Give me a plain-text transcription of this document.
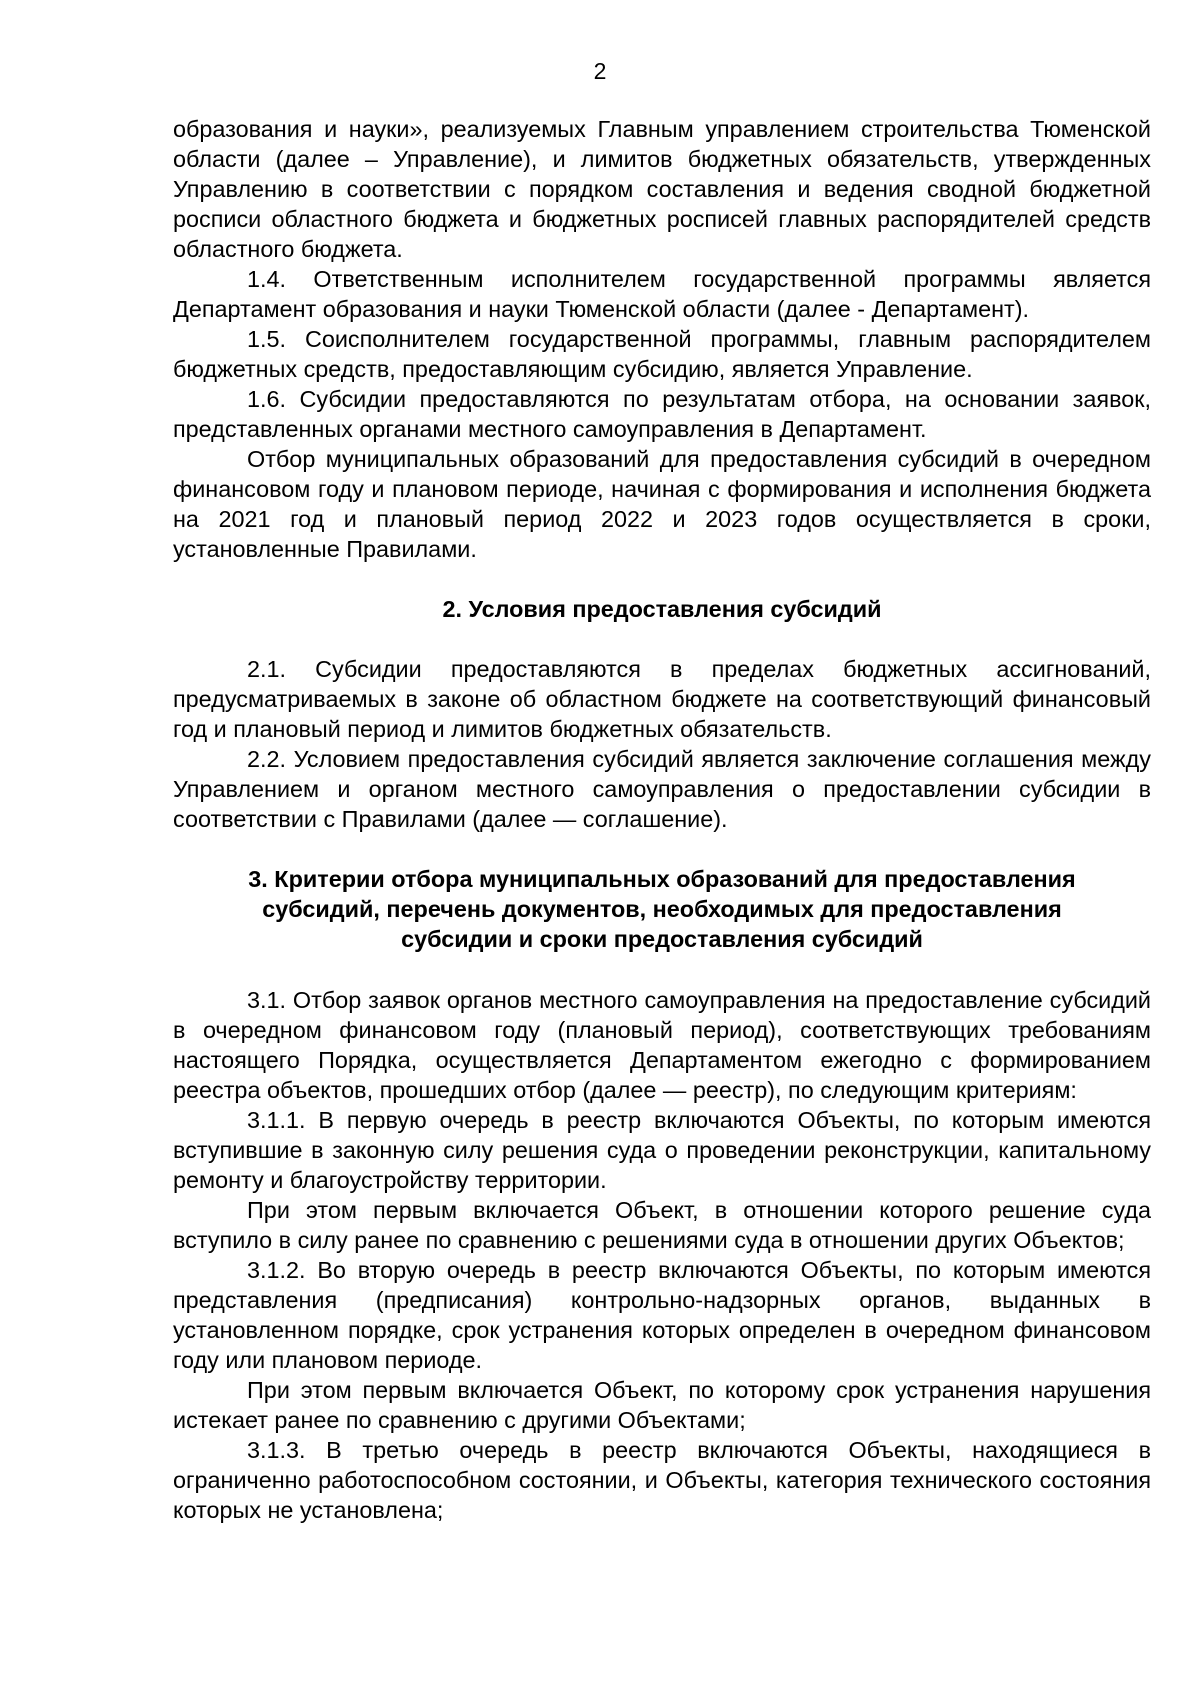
2

образования и науки», реализуемых Главным управлением строительства Тюменской области (далее – Управление), и лимитов бюджетных обязательств, утвержденных Управлению в соответствии с порядком составления и ведения сводной бюджетной росписи областного бюджета и бюджетных росписей главных распорядителей средств областного бюджета.

1.4. Ответственным исполнителем государственной программы является Департамент образования и науки Тюменской области (далее - Департамент).

1.5. Соисполнителем государственной программы, главным распорядителем бюджетных средств, предоставляющим субсидию, является Управление.

1.6. Субсидии предоставляются по результатам отбора, на основании заявок, представленных органами местного самоуправления в Департамент.

Отбор муниципальных образований для предоставления субсидий в очередном финансовом году и плановом периоде, начиная с формирования и исполнения бюджета на 2021 год и плановый период 2022 и 2023 годов осуществляется в сроки, установленные Правилами.

2. Условия предоставления субсидий

2.1. Субсидии предоставляются в пределах бюджетных ассигнований, предусматриваемых в законе об областном бюджете на соответствующий финансовый год и плановый период и лимитов бюджетных обязательств.

2.2. Условием предоставления субсидий является заключение соглашения между Управлением и органом местного самоуправления о предоставлении субсидии в соответствии с Правилами (далее — соглашение).

3. Критерии отбора муниципальных образований для предоставления
субсидий, перечень документов, необходимых для предоставления
субсидии и сроки предоставления субсидий

3.1. Отбор заявок органов местного самоуправления на предоставление субсидий в очередном финансовом году (плановый период), соответствующих требованиям настоящего Порядка, осуществляется Департаментом ежегодно с формированием реестра объектов, прошедших отбор (далее — реестр), по следующим критериям:

3.1.1. В первую очередь в реестр включаются Объекты, по которым имеются вступившие в законную силу решения суда о проведении реконструкции, капитальному ремонту и благоустройству территории.

При этом первым включается Объект, в отношении которого решение суда вступило в силу ранее по сравнению с решениями суда в отношении других Объектов;

3.1.2. Во вторую очередь в реестр включаются Объекты, по которым имеются представления (предписания) контрольно-надзорных органов, выданных в установленном порядке, срок устранения которых определен в очередном финансовом году или плановом периоде.

При этом первым включается Объект, по которому срок устранения нарушения истекает ранее по сравнению с другими Объектами;

3.1.3. В третью очередь в реестр включаются Объекты, находящиеся в ограниченно работоспособном состоянии, и Объекты, категория технического состояния которых не установлена;
